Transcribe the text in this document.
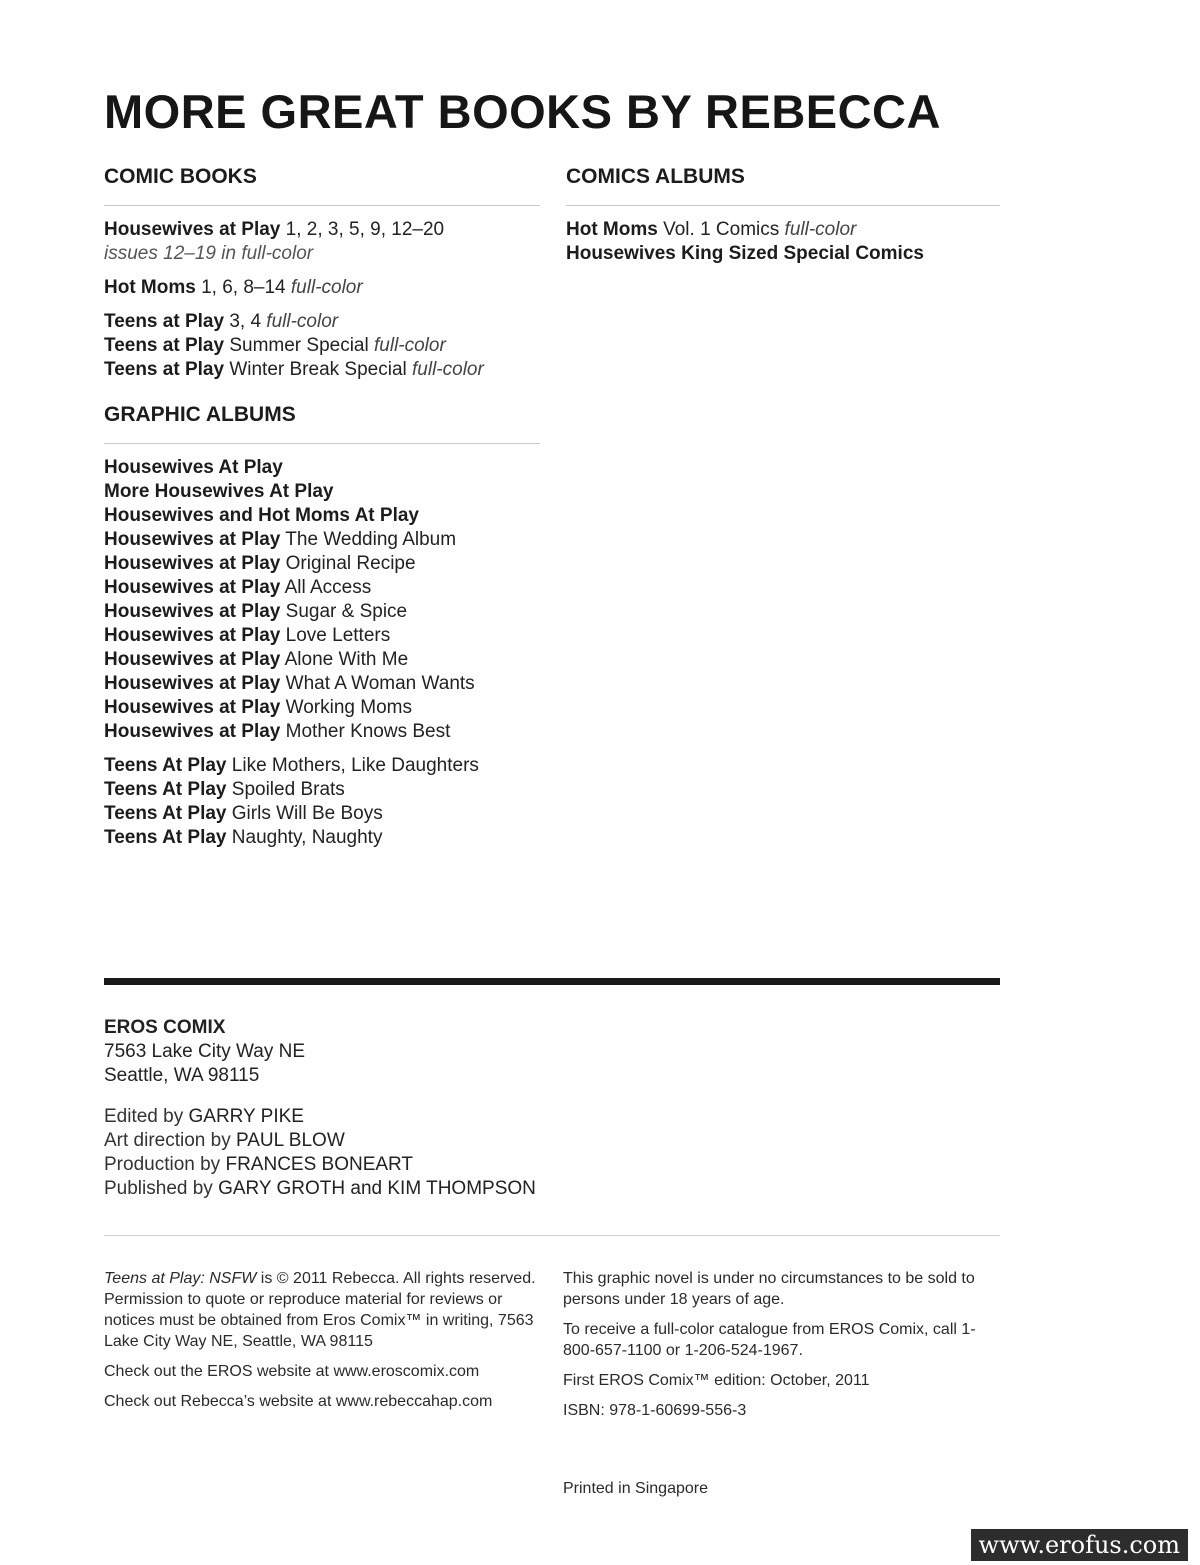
MORE GREAT BOOKS BY REBECCA
COMIC BOOKS
Housewives at Play 1, 2, 3, 5, 9, 12–20
issues 12–19 in full-color
Hot Moms 1, 6, 8–14 full-color
Teens at Play 3, 4 full-color
Teens at Play Summer Special full-color
Teens at Play Winter Break Special full-color
GRAPHIC ALBUMS
Housewives At Play
More Housewives At Play
Housewives and Hot Moms At Play
Housewives at Play The Wedding Album
Housewives at Play Original Recipe
Housewives at Play All Access
Housewives at Play Sugar & Spice
Housewives at Play Love Letters
Housewives at Play Alone With Me
Housewives at Play What A Woman Wants
Housewives at Play Working Moms
Housewives at Play Mother Knows Best
Teens At Play Like Mothers, Like Daughters
Teens At Play Spoiled Brats
Teens At Play Girls Will Be Boys
Teens At Play Naughty, Naughty
COMICS ALBUMS
Hot Moms Vol. 1 Comics full-color
Housewives King Sized Special Comics
EROS COMIX
7563 Lake City Way NE
Seattle, WA 98115
Edited by GARRY PIKE
Art direction by PAUL BLOW
Production by FRANCES BONEART
Published by GARY GROTH and KIM THOMPSON

Teens at Play: NSFW is © 2011 Rebecca. All rights reserved.
Permission to quote or reproduce material for reviews or notices must be obtained from Eros Comix™ in writing, 7563 Lake City Way NE, Seattle, WA 98115

Check out the EROS website at www.eroscomix.com

Check out Rebecca’s website at www.rebeccahap.com

This graphic novel is under no circumstances to be sold to persons under 18 years of age.

To receive a full-color catalogue from EROS Comix, call 1-800-657-1100 or 1-206-524-1967.

First EROS Comix™ edition: October, 2011

ISBN: 978-1-60699-556-3

Printed in Singapore
www.erofus.com
